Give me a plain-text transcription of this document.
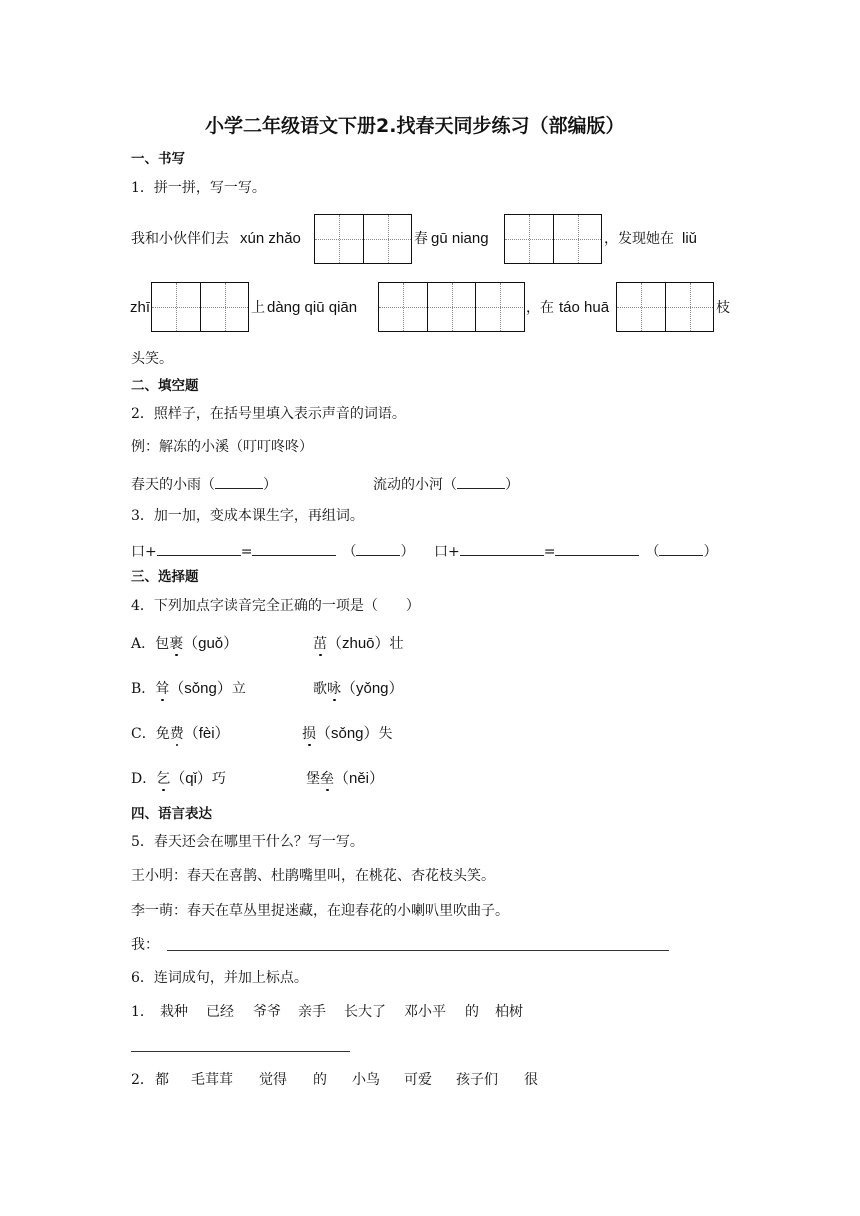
小学二年级语文下册2.找春天同步练习（部编版）
一、书写
1．拼一拼，写一写。
我和小伙伴们去 xún zhǎo	春 gū niang	，发现她在 liǔ
zhī	上 dàng qiū qiān	，在 táo huā	枝
头笑。
二、填空题
2．照样子，在括号里填入表示声音的词语。
例：解冻的小溪（叮叮咚咚）
春天的小雨（	）	流动的小河（	）
3．加一加，变成本课生字，再组词。
口+	=	（	） 口+	=	（	）
三、选择题
4．下列加点字读音完全正确的一项是（　　）
A．包裹（guǒ）	茁（zhuō）壮
B．耸（sǒng）立	歌咏（yǒng）
C．免费（fèi）	损（sǒng）失
D．乞（qǐ）巧	堡垒（něi）
四、语言表达
5．春天还会在哪里干什么？写一写。
王小明：春天在喜鹊、杜鹃嘴里叫，在桃花、杏花枝头笑。
李一萌：春天在草丛里捉迷藏，在迎春花的小喇叭里吹曲子。
我：
6．连词成句，并加上标点。
1． 栽种 已经 爷爷 亲手 长大了 邓小平 的 柏树
2． 都 毛茸茸 觉得 的 小鸟 可爱 孩子们 很
